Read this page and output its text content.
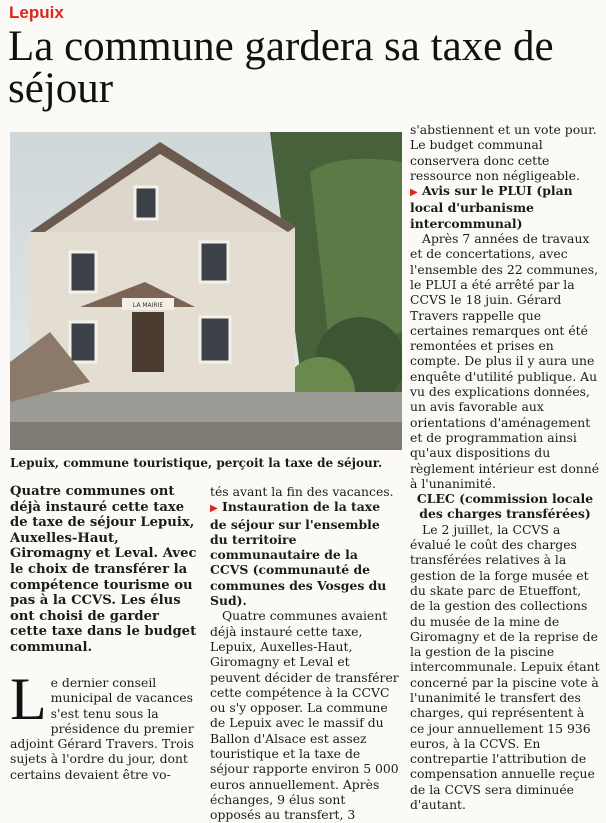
Lepuix
La commune gardera sa taxe de séjour
LA MAIRIE
Lepuix, commune touristique, perçoit la taxe de séjour.

Quatre communes ont déjà instauré cette taxe de taxe de séjour Lepuix, Auxelles-Haut, Giromagny et Leval. Avec le choix de transférer la compétence tourisme ou pas à la CCVS. Les élus ont choisi de garder cette taxe dans le budget communal.

L e dernier conseil municipal de vacances s'est tenu sous la présidence du premier adjoint Gérard Travers. Trois sujets à l'ordre du jour, dont certains devaient être vo-

tés avant la fin des vacances.

▶ Instauration de la taxe de séjour sur l'ensemble du territoire communautaire de la CCVS (communauté de communes des Vosges du Sud).

Quatre communes avaient déjà instauré cette taxe, Lepuix, Auxelles-Haut, Giromagny et Leval et peuvent décider de transférer cette compétence à la CCVC ou s'y opposer. La commune de Lepuix avec le massif du Ballon d'Alsace est assez touristique et la taxe de séjour rapporte environ 5 000 euros annuellement. Après échanges, 9 élus sont opposés au transfert, 3

s'abstiennent et un vote pour. Le budget communal conservera donc cette ressource non négligeable.

▶ Avis sur le PLUI (plan local d'urbanisme intercommunal)

Après 7 années de travaux et de concertations, avec l'ensemble des 22 communes, le PLUI a été arrêté par la CCVS le 18 juin. Gérard Travers rappelle que certaines remarques ont été remontées et prises en compte. De plus il y aura une enquête d'utilité publique. Au vu des explications données, un avis favorable aux orientations d'aménagement et de programmation ainsi qu'aux dispositions du règlement intérieur est donné à l'unanimité.

CLEC (commission locale des charges transférées)

Le 2 juillet, la CCVS a évalué le coût des charges transférées relatives à la gestion de la forge musée et du skate parc de Etueffont, de la gestion des collections du musée de la mine de Giromagny et de la reprise de la gestion de la piscine intercommunale. Lepuix étant concerné par la piscine vote à l'unanimité le transfert des charges, qui représentent à ce jour annuellement 15 936 euros, à la CCVS. En contrepartie l'attribution de compensation annuelle reçue de la CCVS sera diminuée d'autant.
